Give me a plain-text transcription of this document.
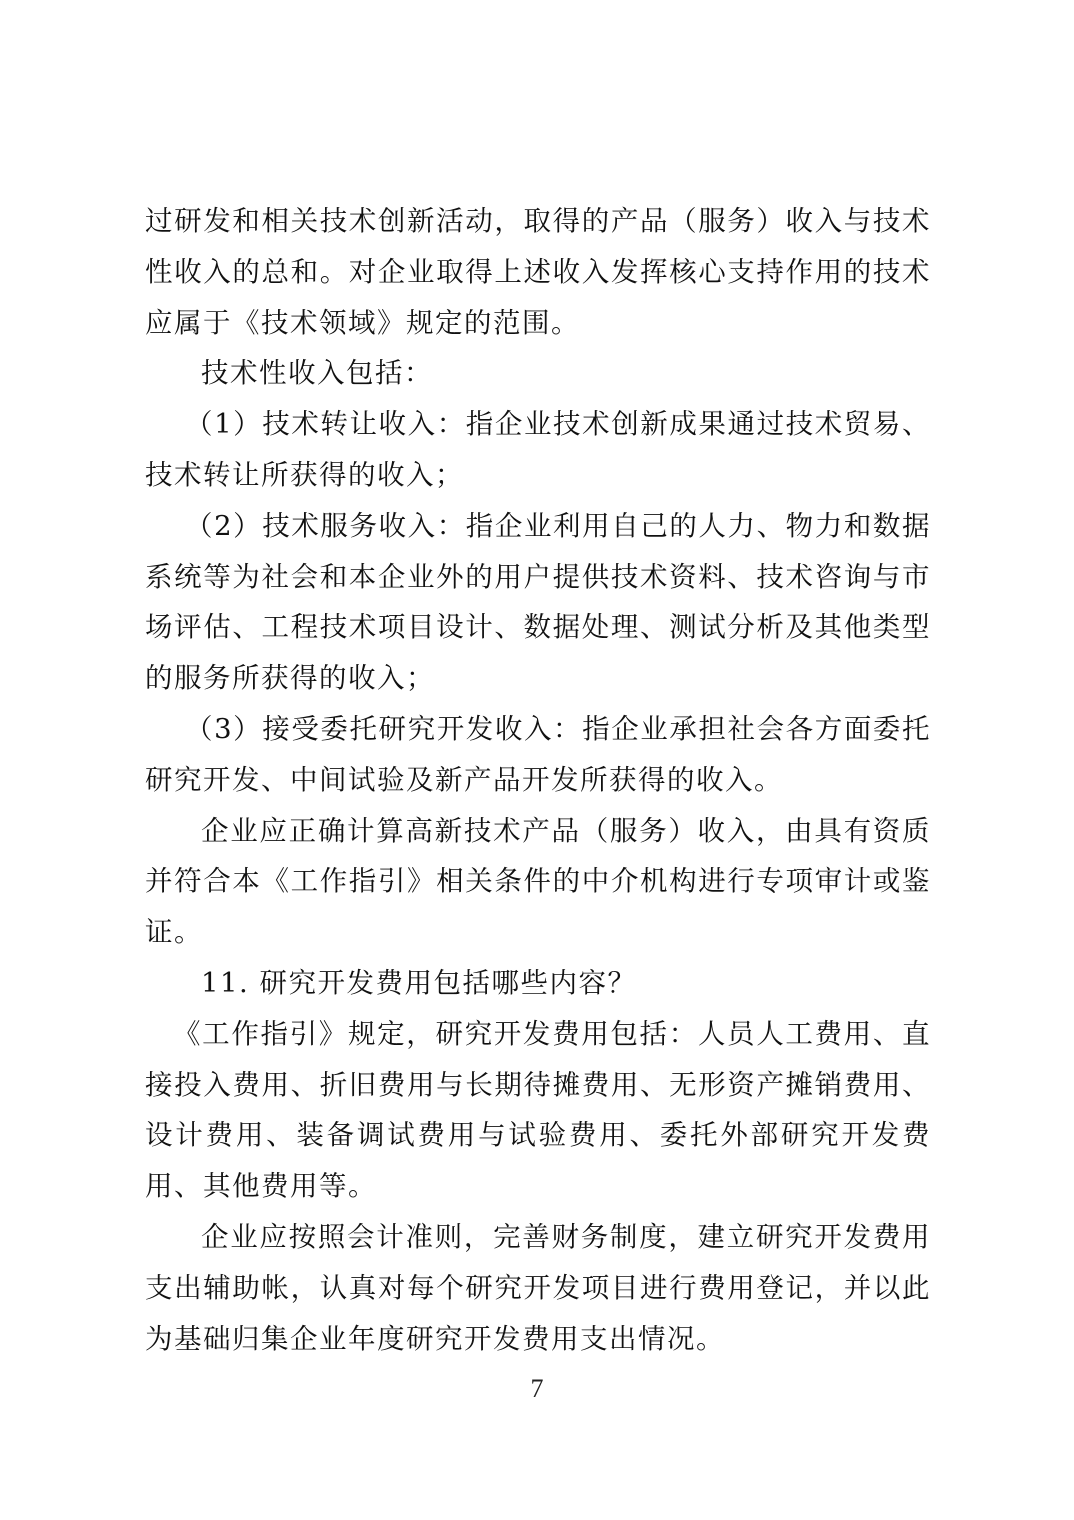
过研发和相关技术创新活动，取得的产品（服务）收入与技术性收入的总和。对企业取得上述收入发挥核心支持作用的技术应属于《技术领域》规定的范围。

技术性收入包括：

（1）技术转让收入：指企业技术创新成果通过技术贸易、技术转让所获得的收入；

（2）技术服务收入：指企业利用自己的人力、物力和数据系统等为社会和本企业外的用户提供技术资料、技术咨询与市场评估、工程技术项目设计、数据处理、测试分析及其他类型的服务所获得的收入；

（3）接受委托研究开发收入：指企业承担社会各方面委托研究开发、中间试验及新产品开发所获得的收入。

企业应正确计算高新技术产品（服务）收入，由具有资质并符合本《工作指引》相关条件的中介机构进行专项审计或鉴证。

11. 研究开发费用包括哪些内容？

《工作指引》规定，研究开发费用包括：人员人工费用、直接投入费用、折旧费用与长期待摊费用、无形资产摊销费用、设计费用、装备调试费用与试验费用、委托外部研究开发费用、其他费用等。

企业应按照会计准则，完善财务制度，建立研究开发费用支出辅助帐，认真对每个研究开发项目进行费用登记，并以此为基础归集企业年度研究开发费用支出情况。

7
